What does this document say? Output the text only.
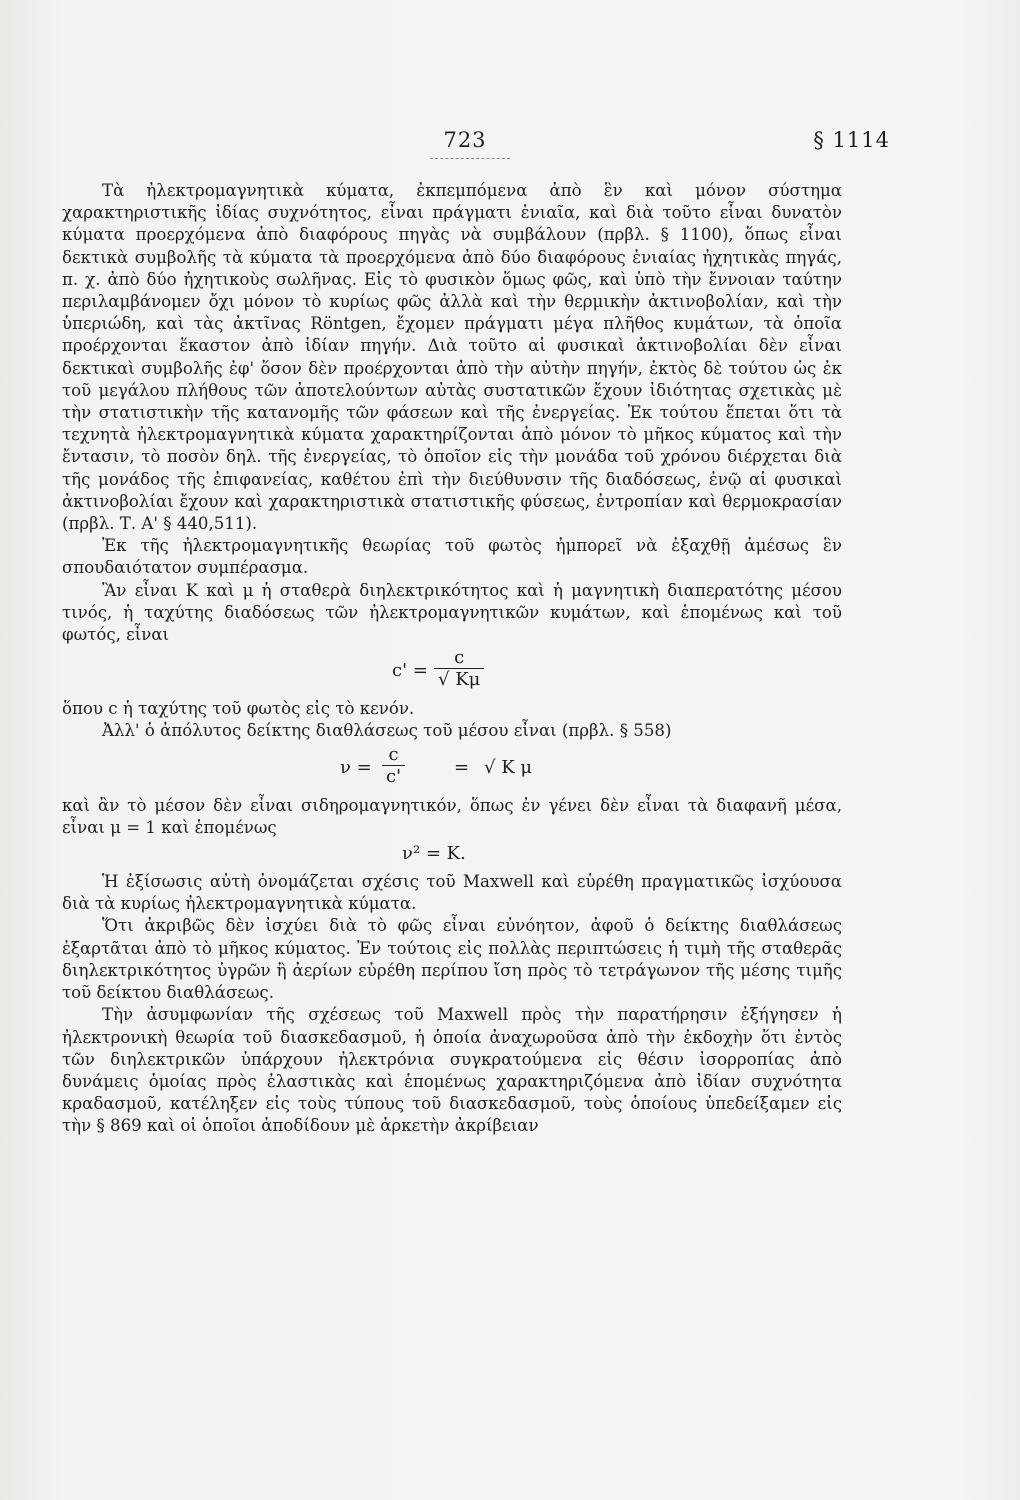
723	§ 1114

Τὰ ἠλεκτρομαγνητικὰ κύματα, ἐκπεμπόμενα ἀπὸ ἓν καὶ μόνον σύστημα χαρακτηριστικῆς ἰδίας συχνότητος, εἶναι πράγματι ἑνιαῖα, καὶ διὰ τοῦτο εἶναι δυνατὸν κύματα προερχόμενα ἀπὸ διαφόρους πηγὰς νὰ συμβάλουν (πρβλ. § 1100), ὅπως εἶναι δεκτικὰ συμβολῆς τὰ κύματα τὰ προερχόμενα ἀπὸ δύο διαφόρους ἑνιαίας ἠχητικὰς πηγάς, π. χ. ἀπὸ δύο ἠχητικοὺς σωλῆνας. Εἰς τὸ φυσικὸν ὅμως φῶς, καὶ ὑπὸ τὴν ἔννοιαν ταύτην περιλαμβάνομεν ὄχι μόνον τὸ κυρίως φῶς ἀλλὰ καὶ τὴν θερμικὴν ἀκτινοβολίαν, καὶ τὴν ὑπεριώδη, καὶ τὰς ἀκτῖνας Röntgen, ἔχομεν πράγματι μέγα πλῆθος κυμάτων, τὰ ὁποῖα προέρχονται ἕκαστον ἀπὸ ἰδίαν πηγήν. Διὰ τοῦτο αἱ φυσικαὶ ἀκτινοβολίαι δὲν εἶναι δεκτικαὶ συμβολῆς ἐφ' ὅσον δὲν προέρχονται ἀπὸ τὴν αὐτὴν πηγήν, ἐκτὸς δὲ τούτου ὡς ἐκ τοῦ μεγάλου πλήθους τῶν ἀποτελούντων αὐτὰς συστατικῶν ἔχουν ἰδιότητας σχετικὰς μὲ τὴν στατιστικὴν τῆς κατανομῆς τῶν φάσεων καὶ τῆς ἐνεργείας. Ἐκ τούτου ἕπεται ὅτι τὰ τεχνητὰ ἠλεκτρομαγνητικὰ κύματα χαρακτηρίζονται ἀπὸ μόνον τὸ μῆκος κύματος καὶ τὴν ἔντασιν, τὸ ποσὸν δηλ. τῆς ἐνεργείας, τὸ ὁποῖον εἰς τὴν μονάδα τοῦ χρόνου διέρχεται διὰ τῆς μονάδος τῆς ἐπιφανείας, καθέτου ἐπὶ τὴν διεύθυνσιν τῆς διαδόσεως, ἐνῷ αἱ φυσικαὶ ἀκτινοβολίαι ἔχουν καὶ χαρακτηριστικὰ στατιστικῆς φύσεως, ἐντροπίαν καὶ θερμοκρασίαν (πρβλ. Τ. Α' § 440,511).

Ἐκ τῆς ἠλεκτρομαγνητικῆς θεωρίας τοῦ φωτὸς ἠμπορεῖ νὰ ἐξαχθῇ ἀμέσως ἓν σπουδαιότατον συμπέρασμα.

Ἂν εἶναι Κ καὶ μ ἡ σταθερὰ διηλεκτρικότητος καὶ ἡ μαγνητικὴ διαπερατότης μέσου τινός, ἡ ταχύτης διαδόσεως τῶν ἠλεκτρομαγνητικῶν κυμάτων, καὶ ἑπομένως καὶ τοῦ φωτός, εἶναι

$c' = \frac{c}{√ K\mu}$

ὅπου c ἡ ταχύτης τοῦ φωτὸς εἰς τὸ κενόν.

Ἀλλ' ὁ ἀπόλυτος δείκτης διαθλάσεως τοῦ μέσου εἶναι (πρβλ. § 558)

$\nu = \frac{c}{c'}$	= √ Κ μ

καὶ ἂν τὸ μέσον δὲν εἶναι σιδηρομαγνητικόν, ὅπως ἐν γένει δὲν εἶναι τὰ διαφανῆ μέσα, εἶναι μ = 1 καὶ ἑπομένως

ν² = Κ.

Ἡ ἐξίσωσις αὐτὴ ὀνομάζεται σχέσις τοῦ Maxwell καὶ εὑρέθη πραγματικῶς ἰσχύουσα διὰ τὰ κυρίως ἠλεκτρομαγνητικὰ κύματα.

Ὅτι ἀκριβῶς δὲν ἰσχύει διὰ τὸ φῶς εἶναι εὐνόητον, ἀφοῦ ὁ δείκτης διαθλάσεως ἐξαρτᾶται ἀπὸ τὸ μῆκος κύματος. Ἐν τούτοις εἰς πολλὰς περιπτώσεις ἡ τιμὴ τῆς σταθερᾶς διηλεκτρικότητος ὑγρῶν ἢ ἀερίων εὑρέθη περίπου ἴση πρὸς τὸ τετράγωνον τῆς μέσης τιμῆς τοῦ δείκτου διαθλάσεως.

Τὴν ἀσυμφωνίαν τῆς σχέσεως τοῦ Maxwell πρὸς τὴν παρατήρησιν ἐξήγησεν ἡ ἠλεκτρονικὴ θεωρία τοῦ διασκεδασμοῦ, ἡ ὁποία ἀναχωροῦσα ἀπὸ τὴν ἐκδοχὴν ὅτι ἐντὸς τῶν διηλεκτρικῶν ὑπάρχουν ἠλεκτρόνια συγκρατούμενα εἰς θέσιν ἰσορροπίας ἀπὸ δυνάμεις ὁμοίας πρὸς ἐλαστικὰς καὶ ἑπομένως χαρακτηριζόμενα ἀπὸ ἰδίαν συχνότητα κραδασμοῦ, κατέληξεν εἰς τοὺς τύπους τοῦ διασκεδασμοῦ, τοὺς ὁποίους ὑπεδείξαμεν εἰς τὴν § 869 καὶ οἱ ὁποῖοι ἀποδίδουν μὲ ἀρκετὴν ἀκρίβειαν
